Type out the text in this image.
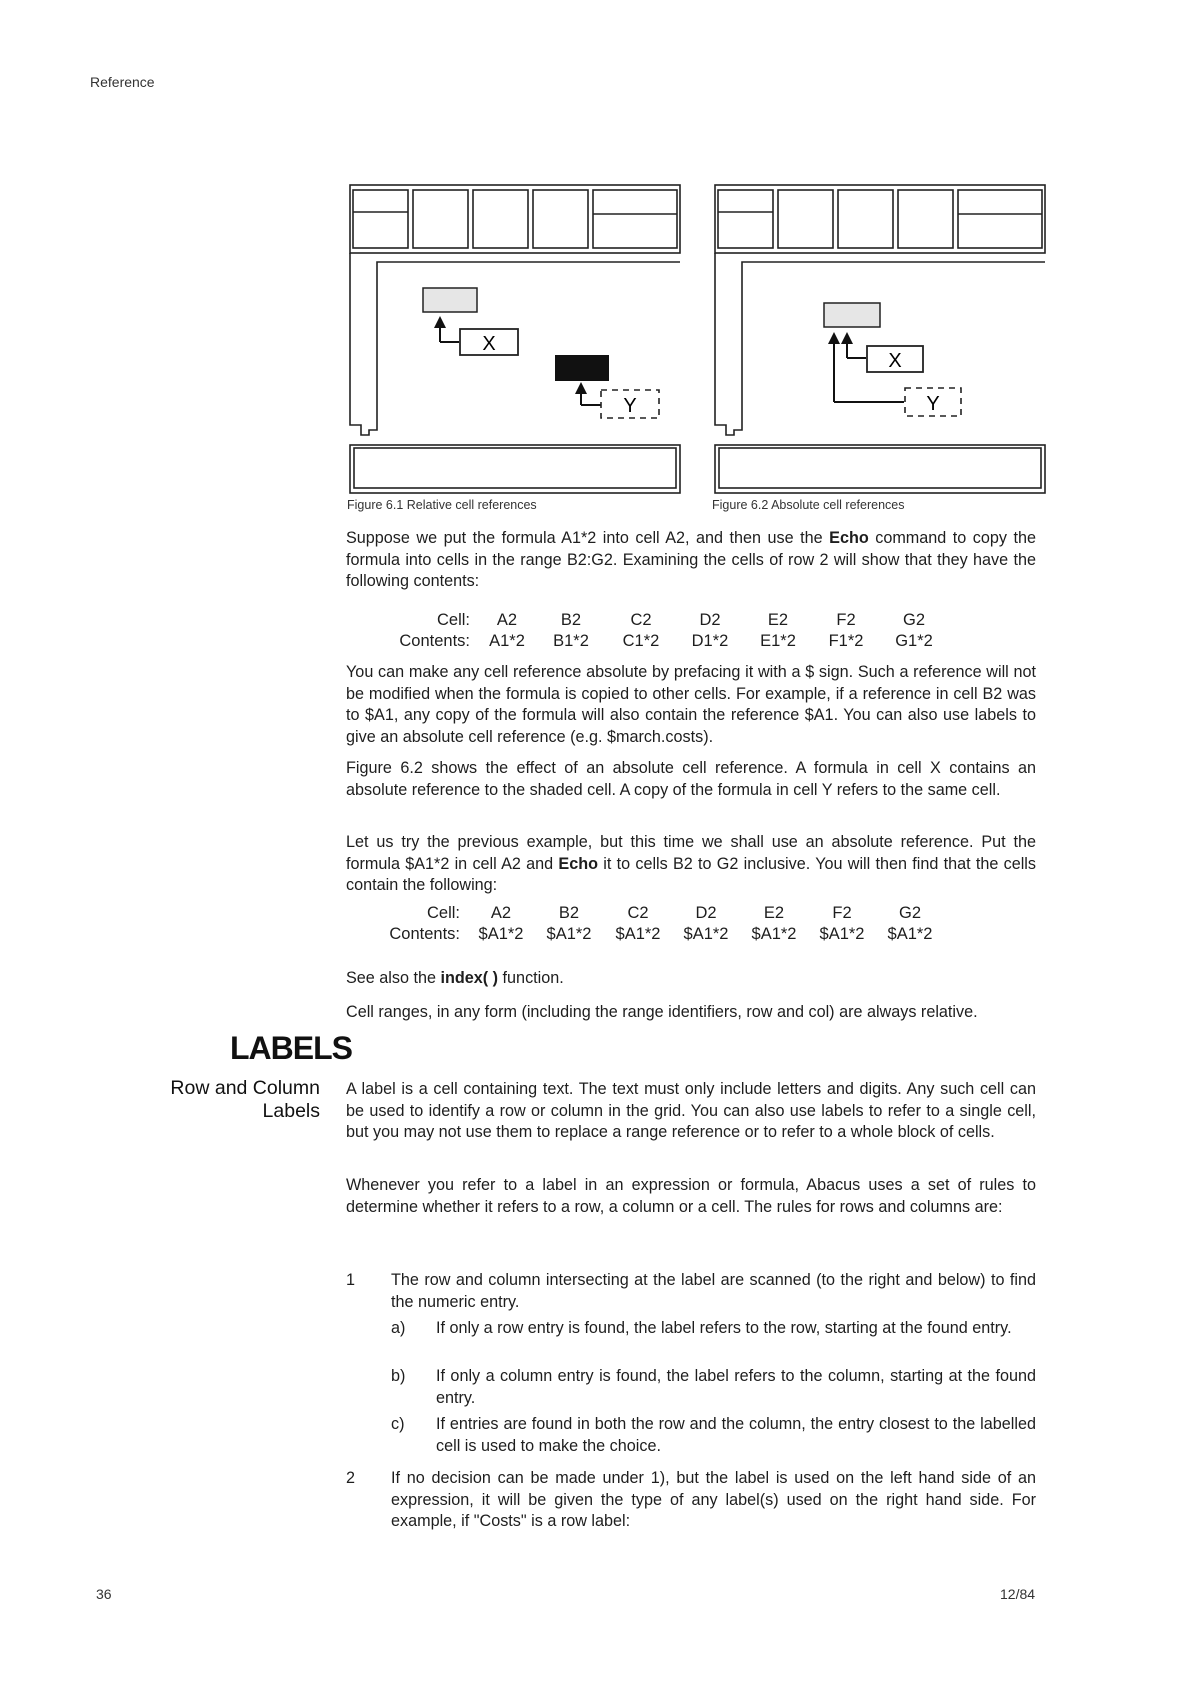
Reference
X
Y
Figure 6.1 Relative cell references
X
Y
Figure 6.2 Absolute cell references

Suppose we put the formula A1*2 into cell A2, and then use the Echo command to copy the formula into cells in the range B2:G2. Examining the cells of row 2 will show that they have the following contents:

Cell:	A2	B2	C2	D2	E2	F2	G2
Contents:	A1*2	B1*2	C1*2	D1*2	E1*2	F1*2	G1*2

You can make any cell reference absolute by prefacing it with a $ sign. Such a reference will not be modified when the formula is copied to other cells. For example, if a reference in cell B2 was to $A1, any copy of the formula will also contain the reference $A1. You can also use labels to give an absolute cell reference (e.g. $march.costs).

Figure 6.2 shows the effect of an absolute cell reference. A formula in cell X contains an absolute reference to the shaded cell. A copy of the formula in cell Y refers to the same cell.

Let us try the previous example, but this time we shall use an absolute reference. Put the formula $A1*2 in cell A2 and Echo it to cells B2 to G2 inclusive. You will then find that the cells contain the following:

Cell:	A2	B2	C2	D2	E2	F2	G2
Contents:	$A1*2	$A1*2	$A1*2	$A1*2	$A1*2	$A1*2	$A1*2

See also the index( ) function.

Cell ranges, in any form (including the range identifiers, row and col) are always relative.

LABELS
Row and Column Labels

A label is a cell containing text. The text must only include letters and digits. Any such cell can be used to identify a row or column in the grid. You can also use labels to refer to a single cell, but you may not use them to replace a range reference or to refer to a whole block of cells.

Whenever you refer to a label in an expression or formula, Abacus uses a set of rules to determine whether it refers to a row, a column or a cell. The rules for rows and columns are:

1 The row and column intersecting at the label are scanned (to the right and below) to find the numeric entry.

a) If only a row entry is found, the label refers to the row, starting at the found entry.

b) If only a column entry is found, the label refers to the column, starting at the found entry.

c) If entries are found in both the row and the column, the entry closest to the labelled cell is used to make the choice.

2 If no decision can be made under 1), but the label is used on the left hand side of an expression, it will be given the type of any label(s) used on the right hand side. For example, if "Costs" is a row label:

36	12/84
